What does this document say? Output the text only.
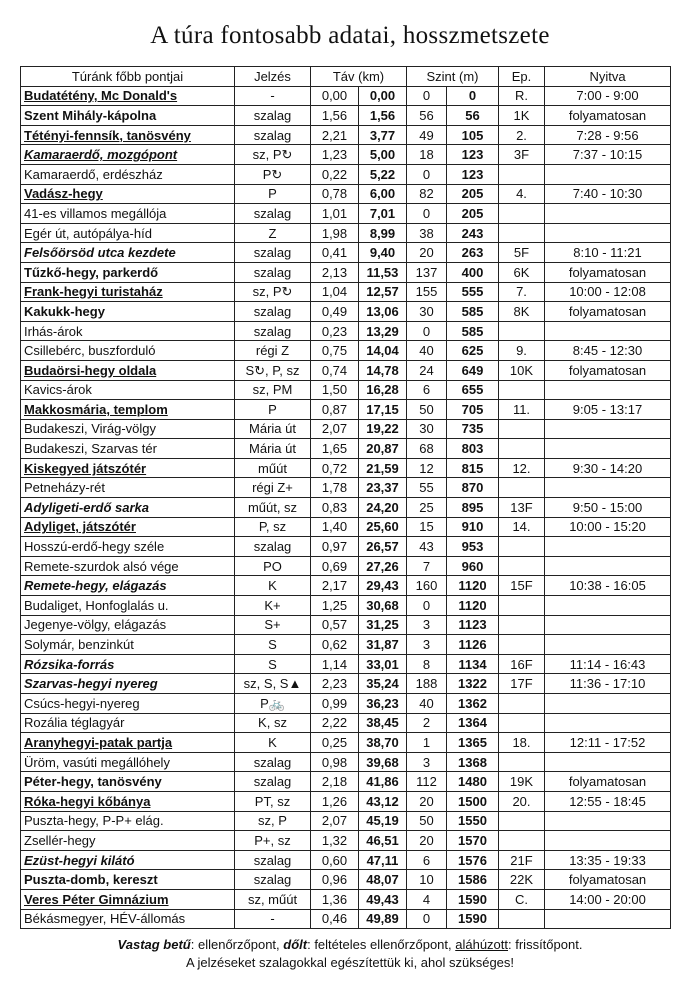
A túra fontosabb adatai, hosszmetszete
Túránk főbb pontjai	Jelzés	Táv (km)		Szint (m)		Ep.	Nyitva
Budatétény, Mc Donald's	-	0,00	0,00	0	0	R.	7:00 - 9:00
Szent Mihály-kápolna	szalag	1,56	1,56	56	56	1K	folyamatosan
Tétényi-fennsík, tanösvény	szalag	2,21	3,77	49	105	2.	7:28 - 9:56
Kamaraerdő, mozgópont	sz, P↻	1,23	5,00	18	123	3F	7:37 - 10:15
Kamaraerdő, erdészház	P↻	0,22	5,22	0	123		
Vadász-hegy	P	0,78	6,00	82	205	4.	7:40 - 10:30
41-es villamos megállója	szalag	1,01	7,01	0	205		
Egér út, autópálya-híd	Z	1,98	8,99	38	243		
Felsőörsöd utca kezdete	szalag	0,41	9,40	20	263	5F	8:10 - 11:21
Tűzkő-hegy, parkerdő	szalag	2,13	11,53	137	400	6K	folyamatosan
Frank-hegyi turistaház	sz, P↻	1,04	12,57	155	555	7.	10:00 - 12:08
Kakukk-hegy	szalag	0,49	13,06	30	585	8K	folyamatosan
Irhás-árok	szalag	0,23	13,29	0	585		
Csillebérc, buszforduló	régi Z	0,75	14,04	40	625	9.	8:45 - 12:30
Budaörsi-hegy oldala	S↻, P, sz	0,74	14,78	24	649	10K	folyamatosan
Kavics-árok	sz, PM	1,50	16,28	6	655		
Makkosmária, templom	P	0,87	17,15	50	705	11.	9:05 - 13:17
Budakeszi, Virág-völgy	Mária út	2,07	19,22	30	735		
Budakeszi, Szarvas tér	Mária út	1,65	20,87	68	803		
Kiskegyed játszótér	műút	0,72	21,59	12	815	12.	9:30 - 14:20
Petneházy-rét	régi Z+	1,78	23,37	55	870		
Adyligeti-erdő sarka	műút, sz	0,83	24,20	25	895	13F	9:50 - 15:00
Adyliget, játszótér	P, sz	1,40	25,60	15	910	14.	10:00 - 15:20
Hosszú-erdő-hegy széle	szalag	0,97	26,57	43	953		
Remete-szurdok alsó vége	PO	0,69	27,26	7	960		
Remete-hegy, elágazás	K	2,17	29,43	160	1120	15F	10:38 - 16:05
Budaliget, Honfoglalás u.	K+	1,25	30,68	0	1120		
Jegenye-völgy, elágazás	S+	0,57	31,25	3	1123		
Solymár, benzinkút	S	0,62	31,87	3	1126		
Rózsika-forrás	S	1,14	33,01	8	1134	16F	11:14 - 16:43
Szarvas-hegyi nyereg	sz, S, S▲	2,23	35,24	188	1322	17F	11:36 - 17:10
Csúcs-hegyi-nyereg	P🚲	0,99	36,23	40	1362		
Rozália téglagyár	K, sz	2,22	38,45	2	1364		
Aranyhegyi-patak partja	K	0,25	38,70	1	1365	18.	12:11 - 17:52
Üröm, vasúti megállóhely	szalag	0,98	39,68	3	1368		
Péter-hegy, tanösvény	szalag	2,18	41,86	112	1480	19K	folyamatosan
Róka-hegyi kőbánya	PT, sz	1,26	43,12	20	1500	20.	12:55 - 18:45
Puszta-hegy, P-P+ elág.	sz, P	2,07	45,19	50	1550		
Zsellér-hegy	P+, sz	1,32	46,51	20	1570		
Ezüst-hegyi kilátó	szalag	0,60	47,11	6	1576	21F	13:35 - 19:33
Puszta-domb, kereszt	szalag	0,96	48,07	10	1586	22K	folyamatosan
Veres Péter Gimnázium	sz, műút	1,36	49,43	4	1590	C.	14:00 - 20:00
Békásmegyer, HÉV-állomás	-	0,46	49,89	0	1590		
Vastag betű: ellenőrzőpont, dőlt: feltételes ellenőrzőpont, aláhúzott: frissítőpont.
A jelzéseket szalagokkal egészítettük ki, ahol szükséges!
